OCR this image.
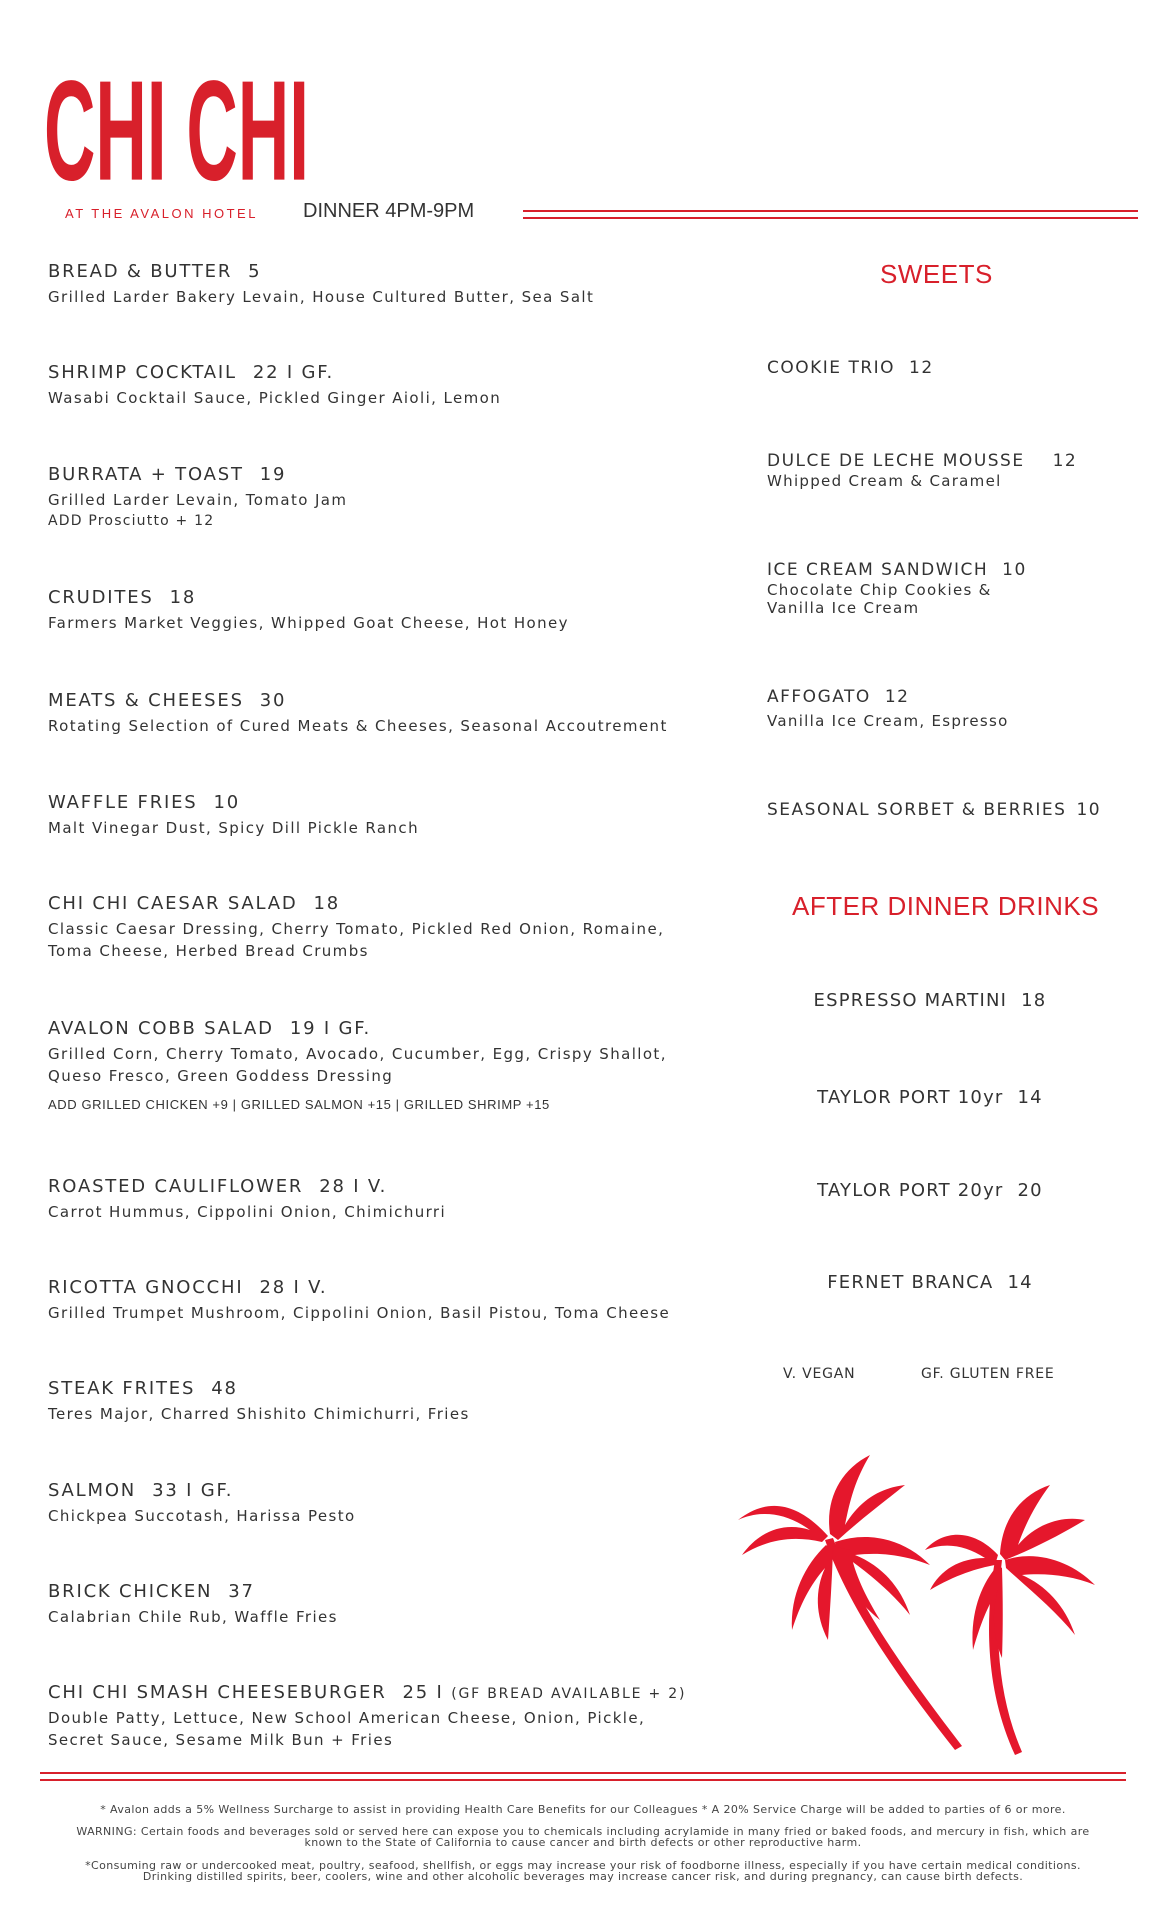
CHI CHI
AT THE AVALON HOTEL DINNER 4PM-9PM
BREAD & BUTTER 5
Grilled Larder Bakery Levain, House Cultured Butter, Sea Salt
SHRIMP COCKTAIL 22 I GF.
Wasabi Cocktail Sauce, Pickled Ginger Aioli, Lemon
BURRATA + TOAST 19
Grilled Larder Levain, Tomato Jam
ADD Prosciutto + 12
CRUDITES 18
Farmers Market Veggies, Whipped Goat Cheese, Hot Honey
MEATS & CHEESES 30
Rotating Selection of Cured Meats & Cheeses, Seasonal Accoutrement
WAFFLE FRIES 10
Malt Vinegar Dust, Spicy Dill Pickle Ranch
CHI CHI CAESAR SALAD 18
Classic Caesar Dressing, Cherry Tomato, Pickled Red Onion, Romaine,
Toma Cheese, Herbed Bread Crumbs
AVALON COBB SALAD 19 I GF.
Grilled Corn, Cherry Tomato, Avocado, Cucumber, Egg, Crispy Shallot,
Queso Fresco, Green Goddess Dressing
ADD GRILLED CHICKEN +9 | GRILLED SALMON +15 | GRILLED SHRIMP +15
ROASTED CAULIFLOWER 28 I V.
Carrot Hummus, Cippolini Onion, Chimichurri
RICOTTA GNOCCHI 28 I V.
Grilled Trumpet Mushroom, Cippolini Onion, Basil Pistou, Toma Cheese
STEAK FRITES 48
Teres Major, Charred Shishito Chimichurri, Fries
SALMON 33 I GF.
Chickpea Succotash, Harissa Pesto
BRICK CHICKEN 37
Calabrian Chile Rub, Waffle Fries
CHI CHI SMASH CHEESEBURGER 25 I (GF BREAD AVAILABLE + 2)
Double Patty, Lettuce, New School American Cheese, Onion, Pickle,
Secret Sauce, Sesame Milk Bun + Fries
SWEETS
COOKIE TRIO 12
DULCE DE LECHE MOUSSE 12
Whipped Cream & Caramel
ICE CREAM SANDWICH 10
Chocolate Chip Cookies &
Vanilla Ice Cream
AFFOGATO 12
Vanilla Ice Cream, Espresso
SEASONAL SORBET & BERRIES 10
AFTER DINNER DRINKS
ESPRESSO MARTINI 18
TAYLOR PORT 10yr 14
TAYLOR PORT 20yr 20
FERNET BRANCA 14
V. VEGAN	GF. GLUTEN FREE
* Avalon adds a 5% Wellness Surcharge to assist in providing Health Care Benefits for our Colleagues * A 20% Service Charge will be added to parties of 6 or more.
WARNING: Certain foods and beverages sold or served here can expose you to chemicals including acrylamide in many fried or baked foods, and mercury in fish, which are
known to the State of California to cause cancer and birth defects or other reproductive harm.
*Consuming raw or undercooked meat, poultry, seafood, shellfish, or eggs may increase your risk of foodborne illness, especially if you have certain medical conditions.
Drinking distilled spirits, beer, coolers, wine and other alcoholic beverages may increase cancer risk, and during pregnancy, can cause birth defects.
